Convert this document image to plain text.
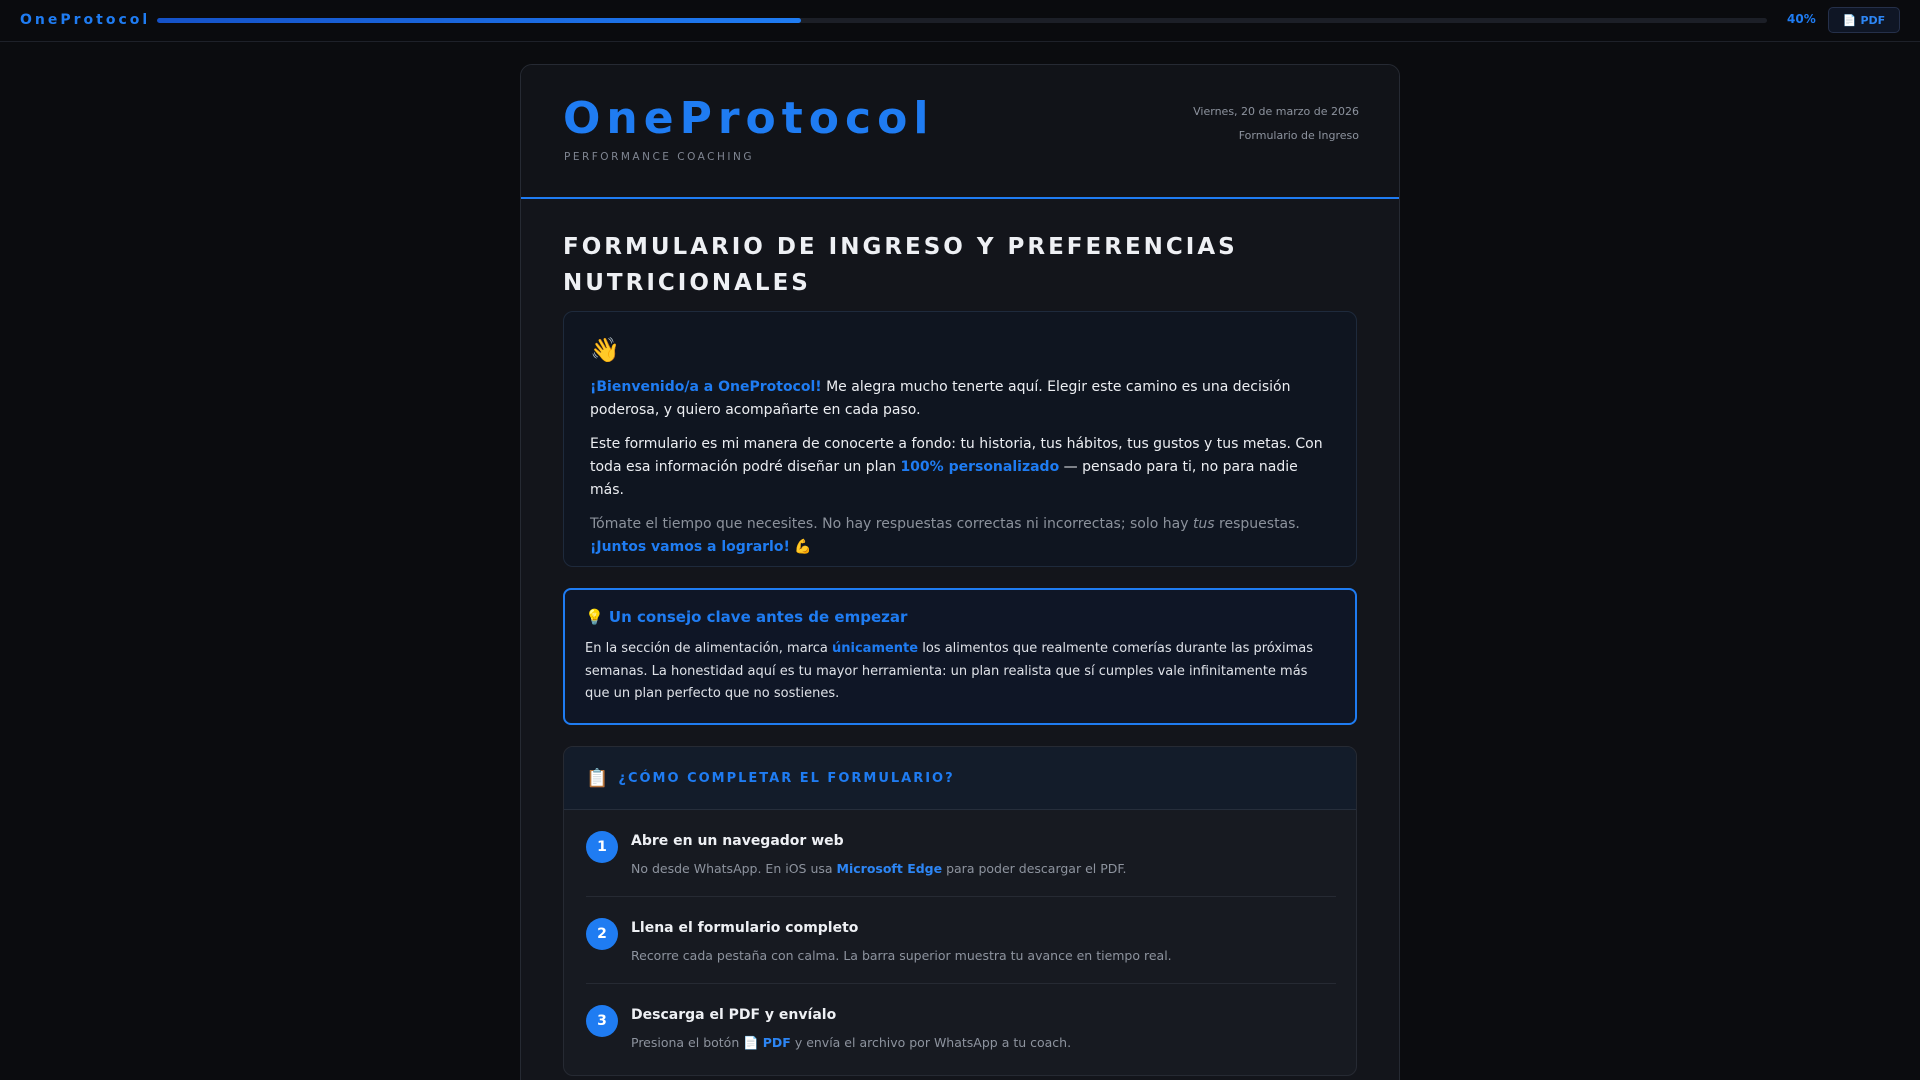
OneProtocol	40% 📄 PDF
OneProtocol
PERFORMANCE COACHING
Viernes, 20 de marzo de 2026
Formulario de Ingreso
FORMULARIO DE INGRESO Y PREFERENCIAS NUTRICIONALES
👋

¡Bienvenido/a a OneProtocol! Me alegra mucho tenerte aquí. Elegir este camino es una decisión poderosa, y quiero acompañarte en cada paso.

Este formulario es mi manera de conocerte a fondo: tu historia, tus hábitos, tus gustos y tus metas. Con toda esa información podré diseñar un plan 100% personalizado — pensado para ti, no para nadie más.

Tómate el tiempo que necesites. No hay respuestas correctas ni incorrectas; solo hay tus respuestas.
¡Juntos vamos a lograrlo! 💪

💡 Un consejo clave antes de empezar
En la sección de alimentación, marca únicamente los alimentos que realmente comerías durante las próximas semanas. La honestidad aquí es tu mayor herramienta: un plan realista que sí cumples vale infinitamente más que un plan perfecto que no sostienes.
📋 ¿CÓMO COMPLETAR EL FORMULARIO?
1	Abre en un navegador web
No desde WhatsApp. En iOS usa Microsoft Edge para poder descargar el PDF.
2	Llena el formulario completo
Recorre cada pestaña con calma. La barra superior muestra tu avance en tiempo real.
3	Descarga el PDF y envíalo
Presiona el botón 📄 PDF y envía el archivo por WhatsApp a tu coach.
